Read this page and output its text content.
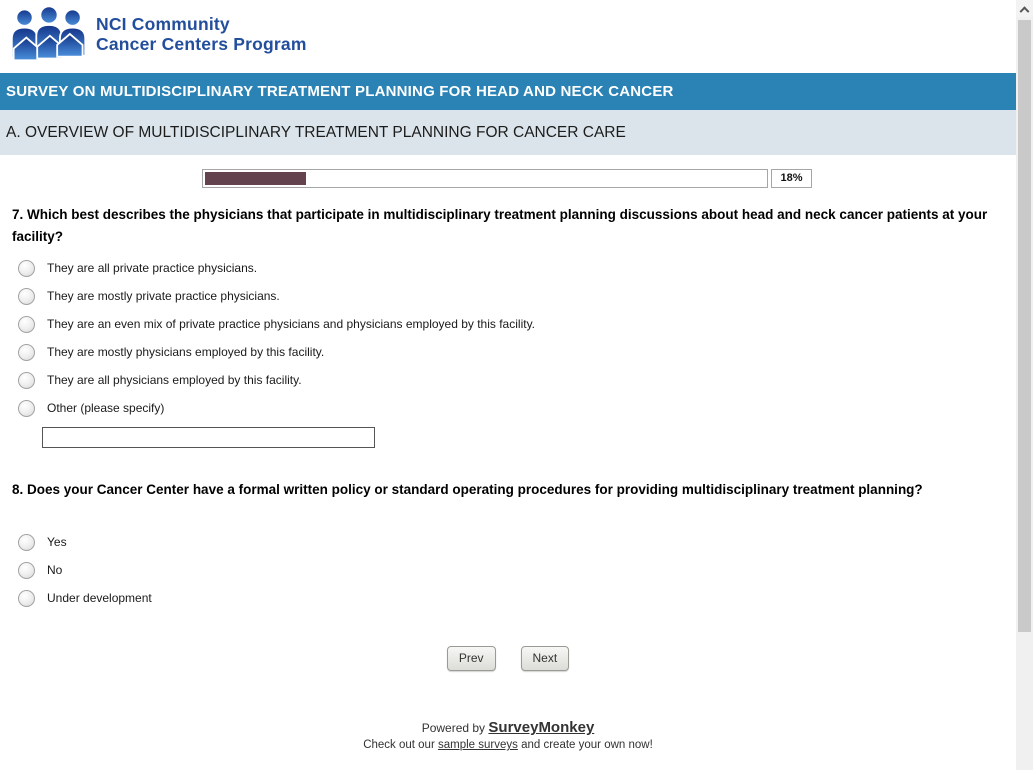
NCI Community
Cancer Centers Program
SURVEY ON MULTIDISCIPLINARY TREATMENT PLANNING FOR HEAD AND NECK CANCER
A. OVERVIEW OF MULTIDISCIPLINARY TREATMENT PLANNING FOR CANCER CARE
18%
7. Which best describes the physicians that participate in multidisciplinary treatment planning discussions about head and neck cancer patients at your facility?
They are all private practice physicians.
They are mostly private practice physicians.
They are an even mix of private practice physicians and physicians employed by this facility.
They are mostly physicians employed by this facility.
They are all physicians employed by this facility.
Other (please specify)
8. Does your Cancer Center have a formal written policy or standard operating procedures for providing multidisciplinary treatment planning?
Yes
No
Under development
Prev	Next
Powered by SurveyMonkey
Check out our sample surveys and create your own now!
